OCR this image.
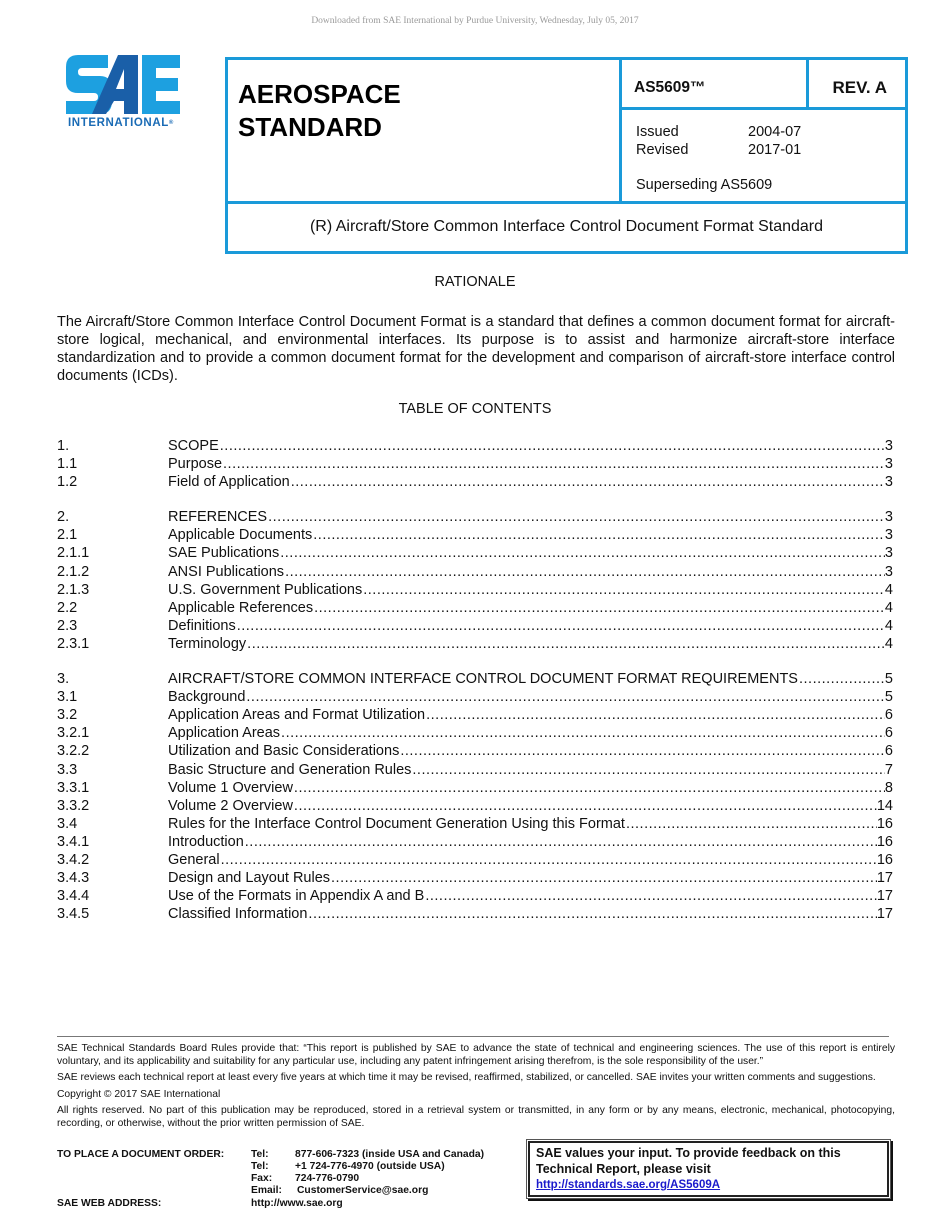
Downloaded from SAE International by Purdue University, Wednesday, July 05, 2017
INTERNATIONAL®
AEROSPACE
STANDARD
AS5609™	REV. A
Issued	2004-07
Revised	2017-01
Superseding AS5609
(R) Aircraft/Store Common Interface Control Document Format Standard
RATIONALE
The Aircraft/Store Common Interface Control Document Format is a standard that defines a common document format for aircraft-store logical, mechanical, and environmental interfaces. Its purpose is to assist and harmonize aircraft-store interface standardization and to provide a common document format for the development and comparison of aircraft-store interface control documents (ICDs).
TABLE OF CONTENTS
1.	SCOPE .....	3
1.1	Purpose .....	3
1.2	Field of Application .....	3
2.	REFERENCES .....	3
2.1	Applicable Documents .....	3
2.1.1	SAE Publications .....	3
2.1.2	ANSI Publications .....	3
2.1.3	U.S. Government Publications .....	4
2.2	Applicable References .....	4
2.3	Definitions .....	4
2.3.1	Terminology .....	4
3.	AIRCRAFT/STORE COMMON INTERFACE CONTROL DOCUMENT FORMAT REQUIREMENTS .....	5
3.1	Background .....	5
3.2	Application Areas and Format Utilization .....	6
3.2.1	Application Areas .....	6
3.2.2	Utilization and Basic Considerations .....	6
3.3	Basic Structure and Generation Rules .....	7
3.3.1	Volume 1 Overview .....	8
3.3.2	Volume 2 Overview .....	14
3.4	Rules for the Interface Control Document Generation Using this Format .....	16
3.4.1	Introduction .....	16
3.4.2	General .....	16
3.4.3	Design and Layout Rules .....	17
3.4.4	Use of the Formats in Appendix A and B .....	17
3.4.5	Classified Information .....	17

SAE Technical Standards Board Rules provide that: “This report is published by SAE to advance the state of technical and engineering sciences. The use of this report is entirely voluntary, and its applicability and suitability for any particular use, including any patent infringement arising therefrom, is the sole responsibility of the user.”

SAE reviews each technical report at least every five years at which time it may be revised, reaffirmed, stabilized, or cancelled. SAE invites your written comments and suggestions.

Copyright © 2017 SAE International

All rights reserved. No part of this publication may be reproduced, stored in a retrieval system or transmitted, in any form or by any means, electronic, mechanical, photocopying, recording, or otherwise, without the prior written permission of SAE.

TO PLACE A DOCUMENT ORDER:	Tel:	877-606-7323 (inside USA and Canada)
Tel:	+1 724-776-4970 (outside USA)
Fax: 724-776-0790
Email: CustomerService@sae.org
SAE WEB ADDRESS:	http://www.sae.org
SAE values your input. To provide feedback on this
Technical Report, please visit
http://standards.sae.org/AS5609A
